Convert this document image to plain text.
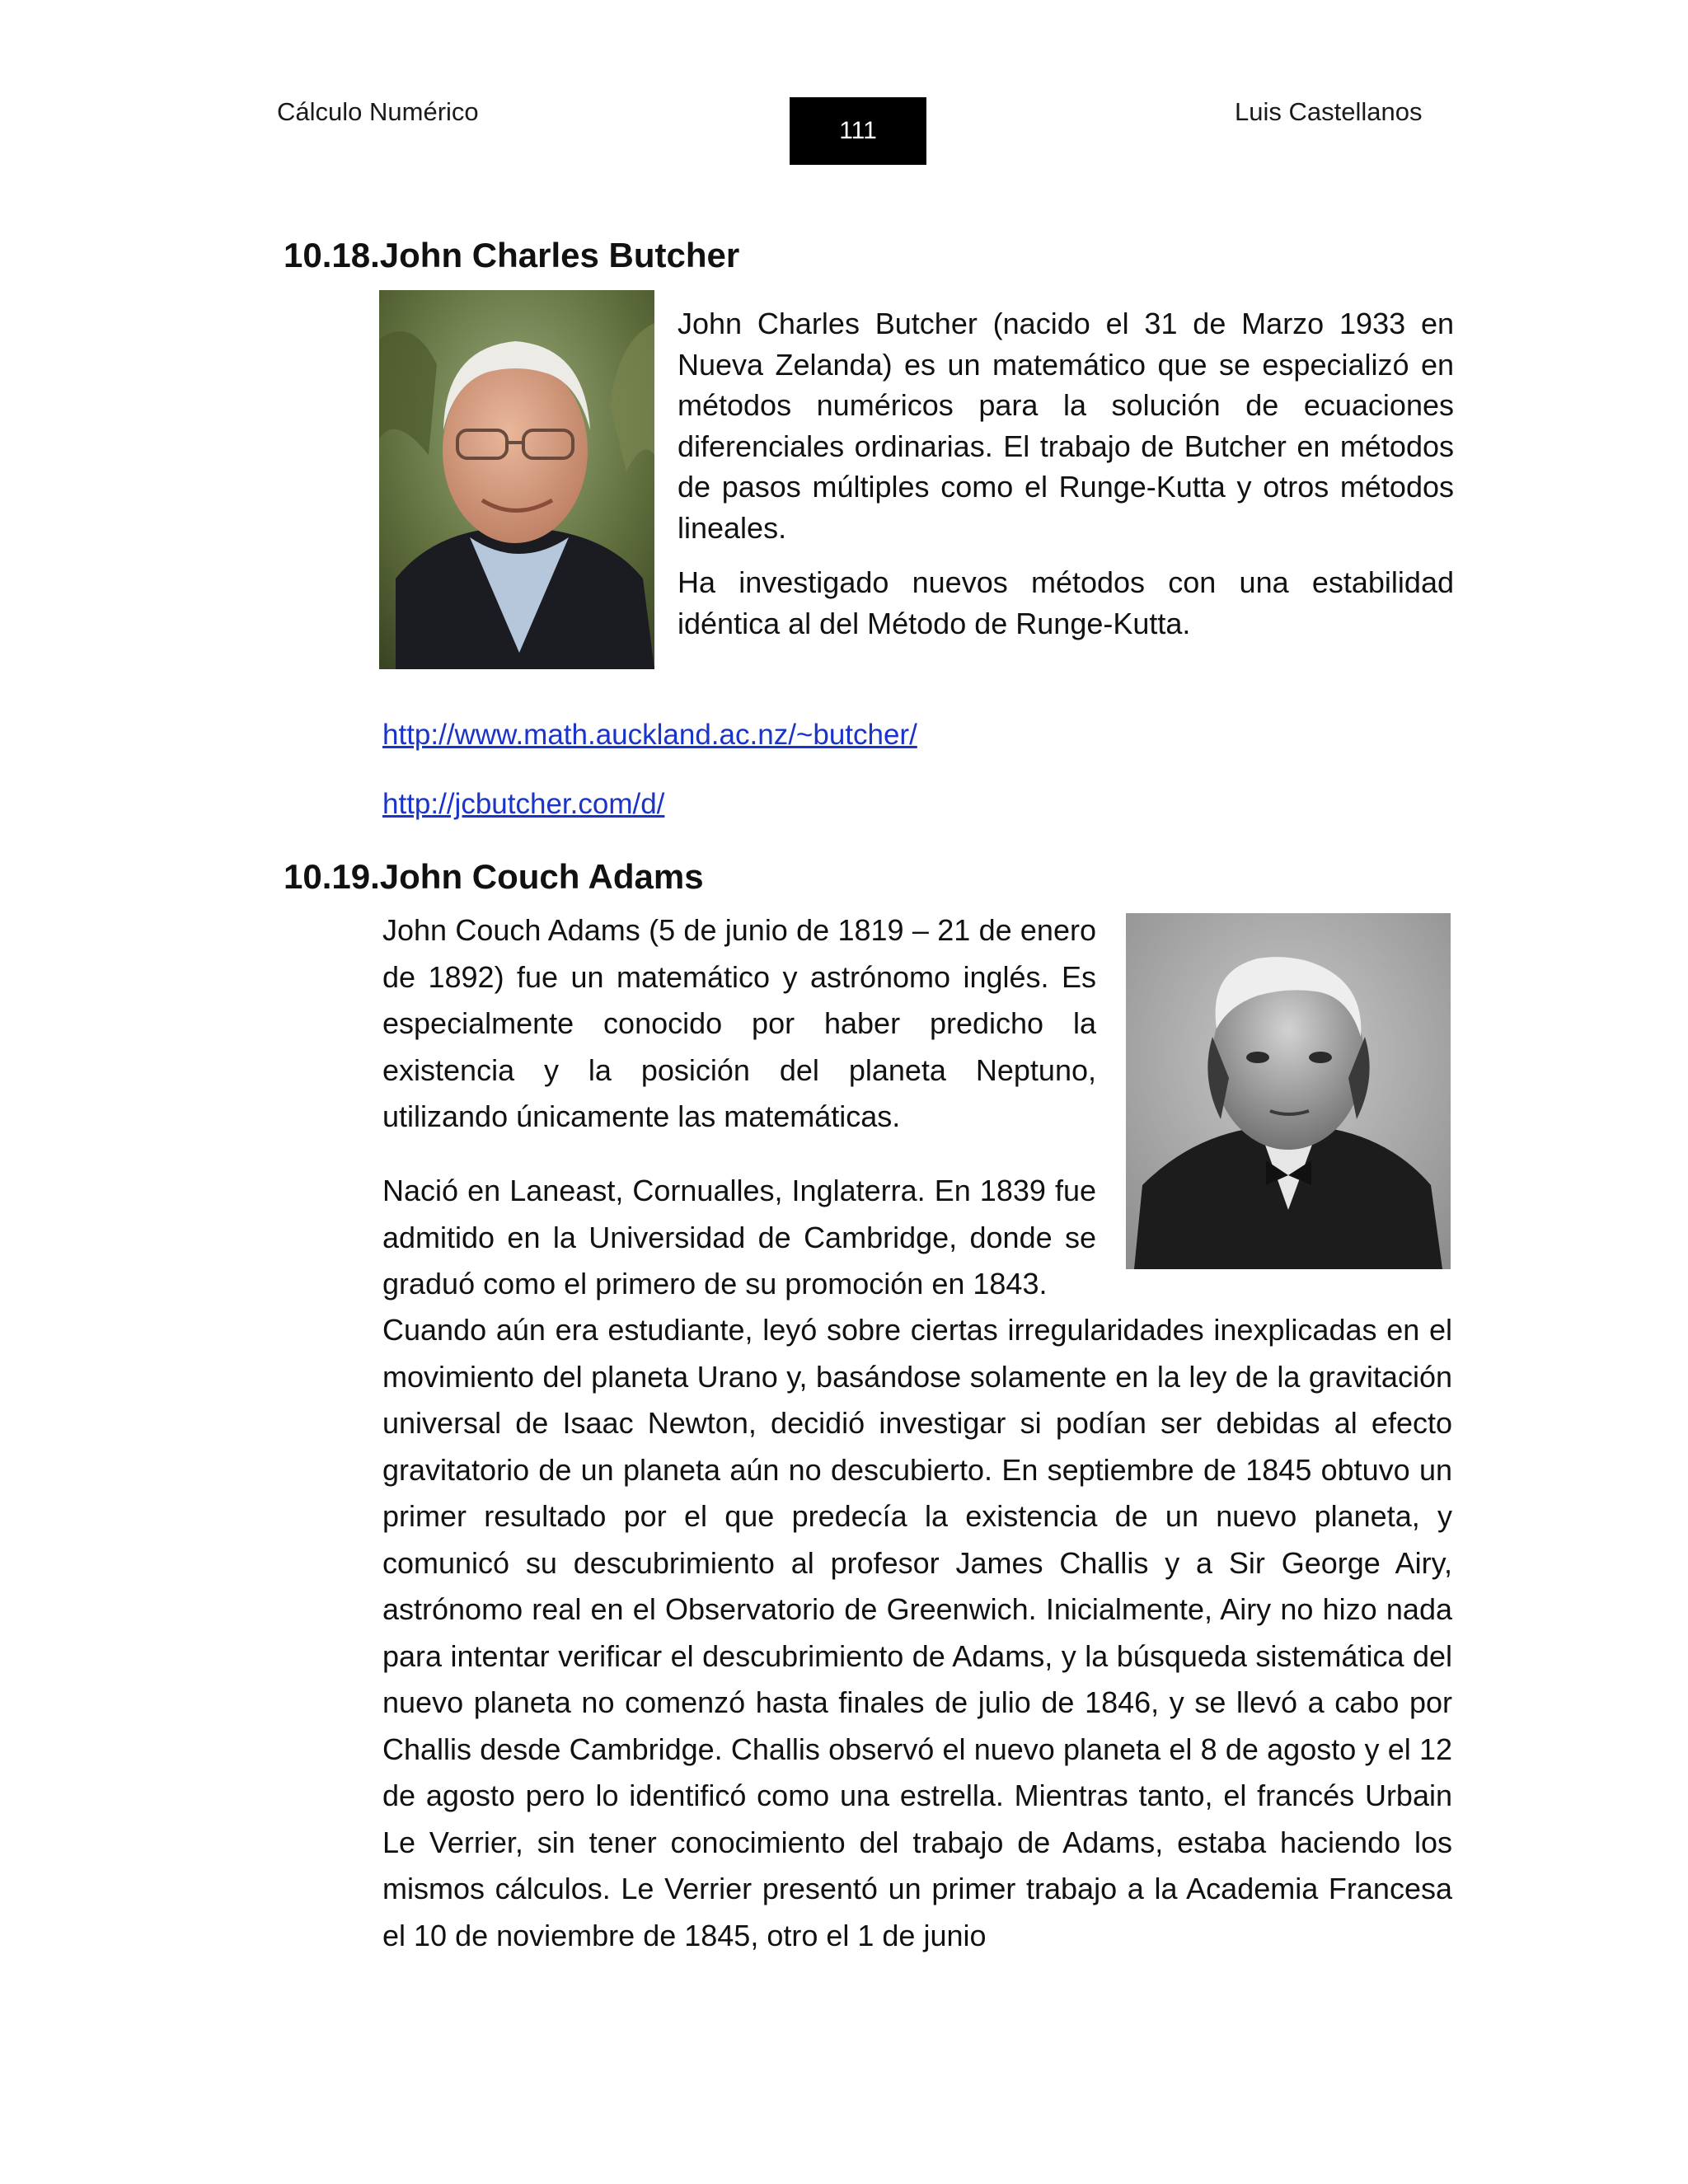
Cálculo Numérico
111
Luis Castellanos
10.18.John Charles Butcher

John Charles Butcher (nacido el 31 de Marzo 1933 en Nueva Zelanda) es un matemático que se especializó en métodos numéricos para la solución de ecuaciones diferenciales ordinarias. El trabajo de Butcher en métodos de pasos múltiples como el Runge-Kutta y otros métodos lineales.

Ha investigado nuevos métodos con una estabilidad idéntica al del Método de Runge-Kutta.

http://www.math.auckland.ac.nz/~butcher/
http://jcbutcher.com/d/
10.19.John Couch Adams

John Couch Adams (5 de junio de 1819 – 21 de enero de 1892) fue un matemático y astrónomo inglés. Es especialmente conocido por haber predicho la existencia y la posición del planeta Neptuno, utilizando únicamente las matemáticas.

Nació en Laneast, Cornualles, Inglaterra. En 1839 fue admitido en la Universidad de Cambridge, donde se graduó como el primero de su promoción en 1843.

Cuando aún era estudiante, leyó sobre ciertas irregularidades inexplicadas en el movimiento del planeta Urano y, basándose solamente en la ley de la gravitación universal de Isaac Newton, decidió investigar si podían ser debidas al efecto gravitatorio de un planeta aún no descubierto. En septiembre de 1845 obtuvo un primer resultado por el que predecía la existencia de un nuevo planeta, y comunicó su descubrimiento al profesor James Challis y a Sir George Airy, astrónomo real en el Observatorio de Greenwich. Inicialmente, Airy no hizo nada para intentar verificar el descubrimiento de Adams, y la búsqueda sistemática del nuevo planeta no comenzó hasta finales de julio de 1846, y se llevó a cabo por Challis desde Cambridge. Challis observó el nuevo planeta el 8 de agosto y el 12 de agosto pero lo identificó como una estrella. Mientras tanto, el francés Urbain Le Verrier, sin tener conocimiento del trabajo de Adams, estaba haciendo los mismos cálculos. Le Verrier presentó un primer trabajo a la Academia Francesa el 10 de noviembre de 1845, otro el 1 de junio
